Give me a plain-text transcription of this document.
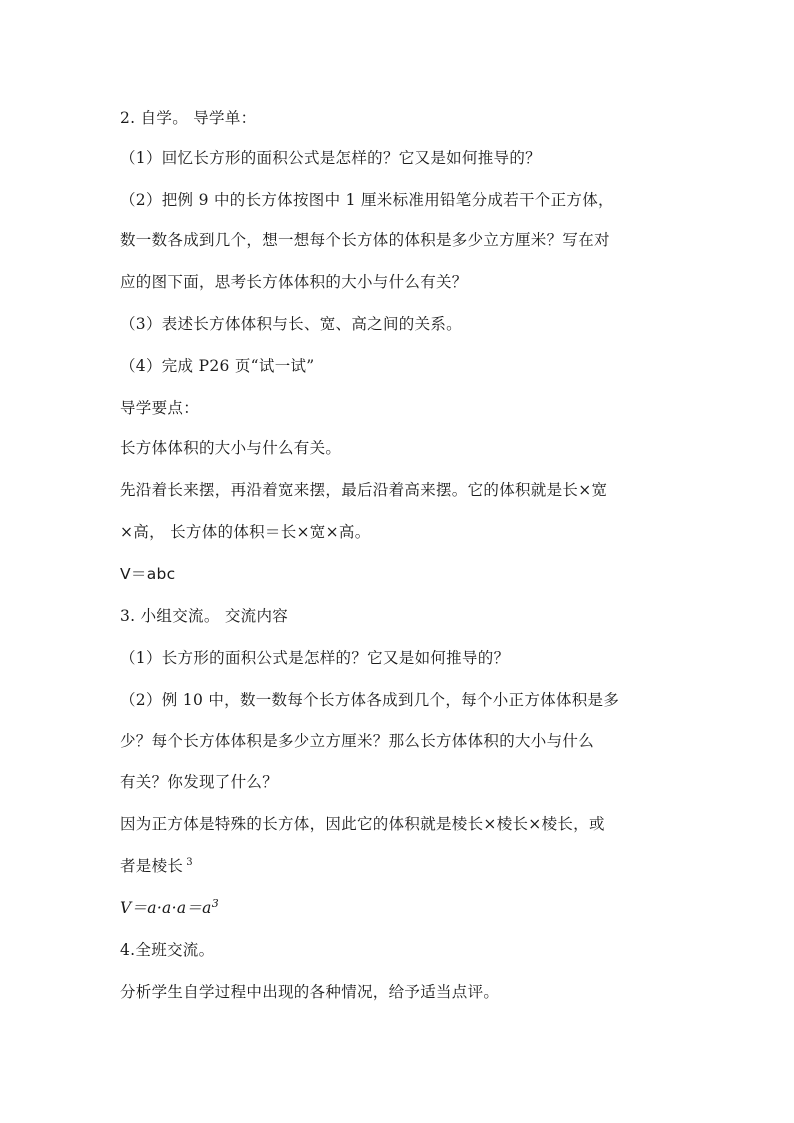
2. 自学。 导学单：
（1）回忆长方形的面积公式是怎样的？它又是如何推导的？
（2）把例 9 中的长方体按图中 1 厘米标准用铅笔分成若干个正方体，
数一数各成到几个，想一想每个长方体的体积是多少立方厘米？写在对
应的图下面，思考长方体体积的大小与什么有关？
（3）表述长方体体积与长、宽、高之间的关系。
（4）完成 P26 页“试一试”
导学要点：
长方体体积的大小与什么有关。
先沿着长来摆，再沿着宽来摆，最后沿着高来摆。它的体积就是长×宽
×高， 长方体的体积＝长×宽×高。
V＝abc
3. 小组交流。 交流内容
（1）长方形的面积公式是怎样的？它又是如何推导的？
（2）例 10 中，数一数每个长方体各成到几个，每个小正方体体积是多
少？每个长方体体积是多少立方厘米？那么长方体体积的大小与什么
有关？你发现了什么？
因为正方体是特殊的长方体，因此它的体积就是棱长×棱长×棱长，或
者是棱长 $^3$
$V=a\cdot a\cdot a=a^3$
4.全班交流。
分析学生自学过程中出现的各种情况，给予适当点评。
